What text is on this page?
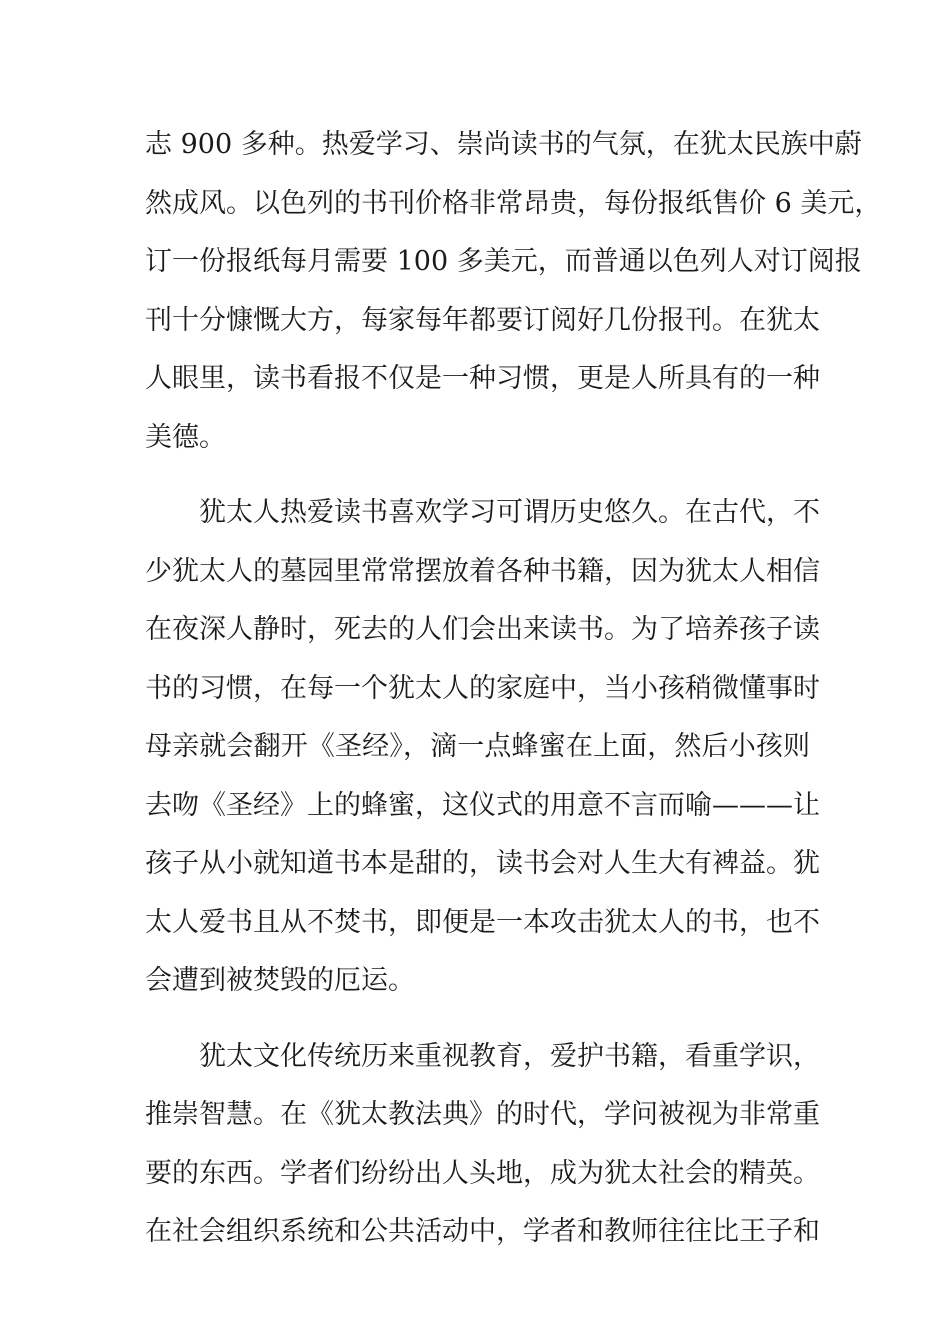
志 900 多种。热爱学习、崇尚读书的气氛，在犹太民族中蔚
然成风。以色列的书刊价格非常昂贵，每份报纸售价 6 美元，
订一份报纸每月需要 100 多美元，而普通以色列人对订阅报
刊十分慷慨大方，每家每年都要订阅好几份报刊。在犹太
人眼里，读书看报不仅是一种习惯，更是人所具有的一种
美德。
犹太人热爱读书喜欢学习可谓历史悠久。在古代，不
少犹太人的墓园里常常摆放着各种书籍，因为犹太人相信
在夜深人静时，死去的人们会出来读书。为了培养孩子读
书的习惯，在每一个犹太人的家庭中，当小孩稍微懂事时
母亲就会翻开《圣经》，滴一点蜂蜜在上面，然后小孩则
去吻《圣经》上的蜂蜜，这仪式的用意不言而喻———让
孩子从小就知道书本是甜的，读书会对人生大有裨益。犹
太人爱书且从不焚书，即便是一本攻击犹太人的书，也不
会遭到被焚毁的厄运。
犹太文化传统历来重视教育，爱护书籍，看重学识，
推崇智慧。在《犹太教法典》的时代，学问被视为非常重
要的东西。学者们纷纷出人头地，成为犹太社会的精英。
在社会组织系统和公共活动中，学者和教师往往比王子和
